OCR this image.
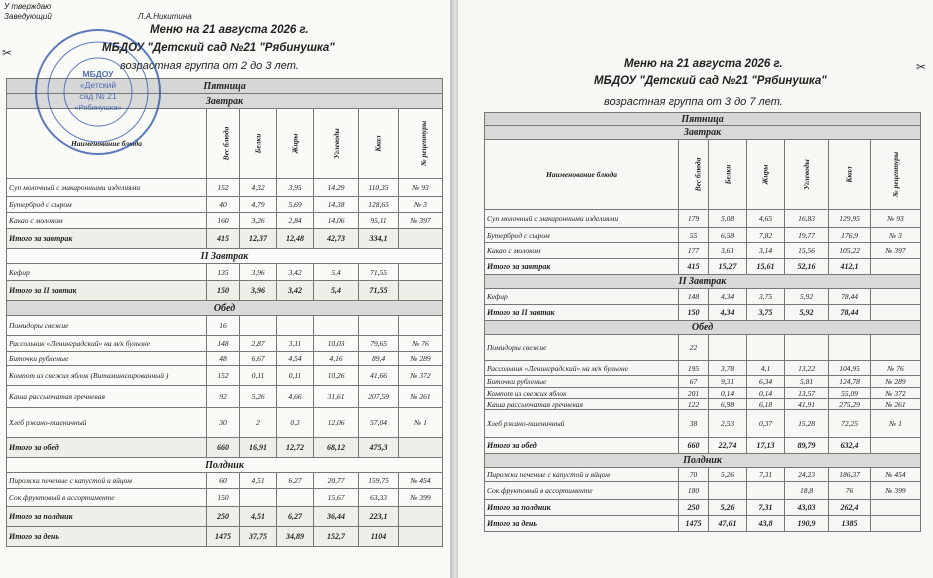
✂
У тверждаю
Заведующий	Л.А.Никитина
Меню на 21 августа 2026 г.
МБДОУ "Детский сад №21 "Рябинушка"
возрастная группа от 2 до 3 лет.
Пятница						
Завтрак						
Наименование блюда	Вес блюда	Белки	Жиры	Углеводы	Ккал	№ рецептуры
Суп молочный с макаронными изделиями	152	4,32	3,95	14,29	110,35	№ 93
Бутерброд с сыром	40	4,79	5,69	14,38	128,65	№ 3
Какао с молоком	160	3,26	2,84	14,06	95,11	№ 397
Итого за завтрак	415	12,37	12,48	42,73	334,1	
II Завтрак						
Кефир	135	3,96	3,42	5,4	71,55	
Итого за II завтак	150	3,96	3,42	5,4	71,55	
Обед						
Помидоры свежие	16					
Рассольник «Ленинградский» на м/к бульоне	148	2,87	3,11	10,03	79,65	№ 76
Биточки рубленые	48	6,67	4,54	4,16	89,4	№ 289
Компот из свежих яблок (Витаминизированный )	152	0,11	0,11	10,26	41,66	№ 372
Каша рассыпчатая гречневая	92	5,26	4,66	31,61	207,59	№ 261
Хлеб ржано-пшеничный	30	2	0,3	12,06	57,04	№ 1
Итого за обед	660	16,91	12,72	68,12	475,3	
Полдник						
Пирожки печеные с капустой и яйцом	60	4,51	6,27	20,77	159,75	№ 454
Сок фруктовый в ассортименте	150			15,67	63,33	№ 399
Итого за полдник	250	4,51	6,27	36,44	223,1	
Итого за день	1475	37,75	34,89	152,7	1104	
МБДОУ
«Детский
сад № 21
«Рябинушка»
✂
Меню на 21 августа 2026 г.
МБДОУ "Детский сад №21 "Рябинушка"
возрастная группа от 3 до 7 лет.
Пятница						
Завтрак						
Наименование блюда	Вес блюда	Белки	Жиры	Углеводы	Ккал	№ рецептуры
Суп молочный с макаронными изделиями	179	5,08	4,65	16,83	129,95	№ 93
Бутерброд с сыром	55	6,58	7,82	19,77	176,9	№ 3
Какао с молоком	177	3,61	3,14	15,56	105,22	№ 397
Итого за завтрак	415	15,27	15,61	52,16	412,1	
II Завтрак						
Кефир	148	4,34	3,75	5,92	78,44	
Итого за II завтак	150	4,34	3,75	5,92	78,44	
Обед						
Помидоры свежие	22					
Рассольник «Ленинградский» на м/к бульоне	195	3,78	4,1	13,22	104,95	№ 76
Биточки рубленые	67	9,31	6,34	5,81	124,78	№ 289
Компот из свежих яблок	201	0,14	0,14	13,57	55,09	№ 372
Каша рассыпчатая гречневая	122	6,98	6,18	41,91	275,29	№ 261
Хлеб ржано-пшеничный	38	2,53	0,37	15,28	72,25	№ 1
Итого за обед	660	22,74	17,13	89,79	632,4	
Полдник						
Пирожки печеные с капустой и яйцом	70	5,26	7,31	24,23	186,37	№ 454
Сок фруктовый в ассортименте	180			18,8	76	№ 399
Итого за полдник	250	5,26	7,31	43,03	262,4	
Итого за день	1475	47,61	43,8	190,9	1385	
